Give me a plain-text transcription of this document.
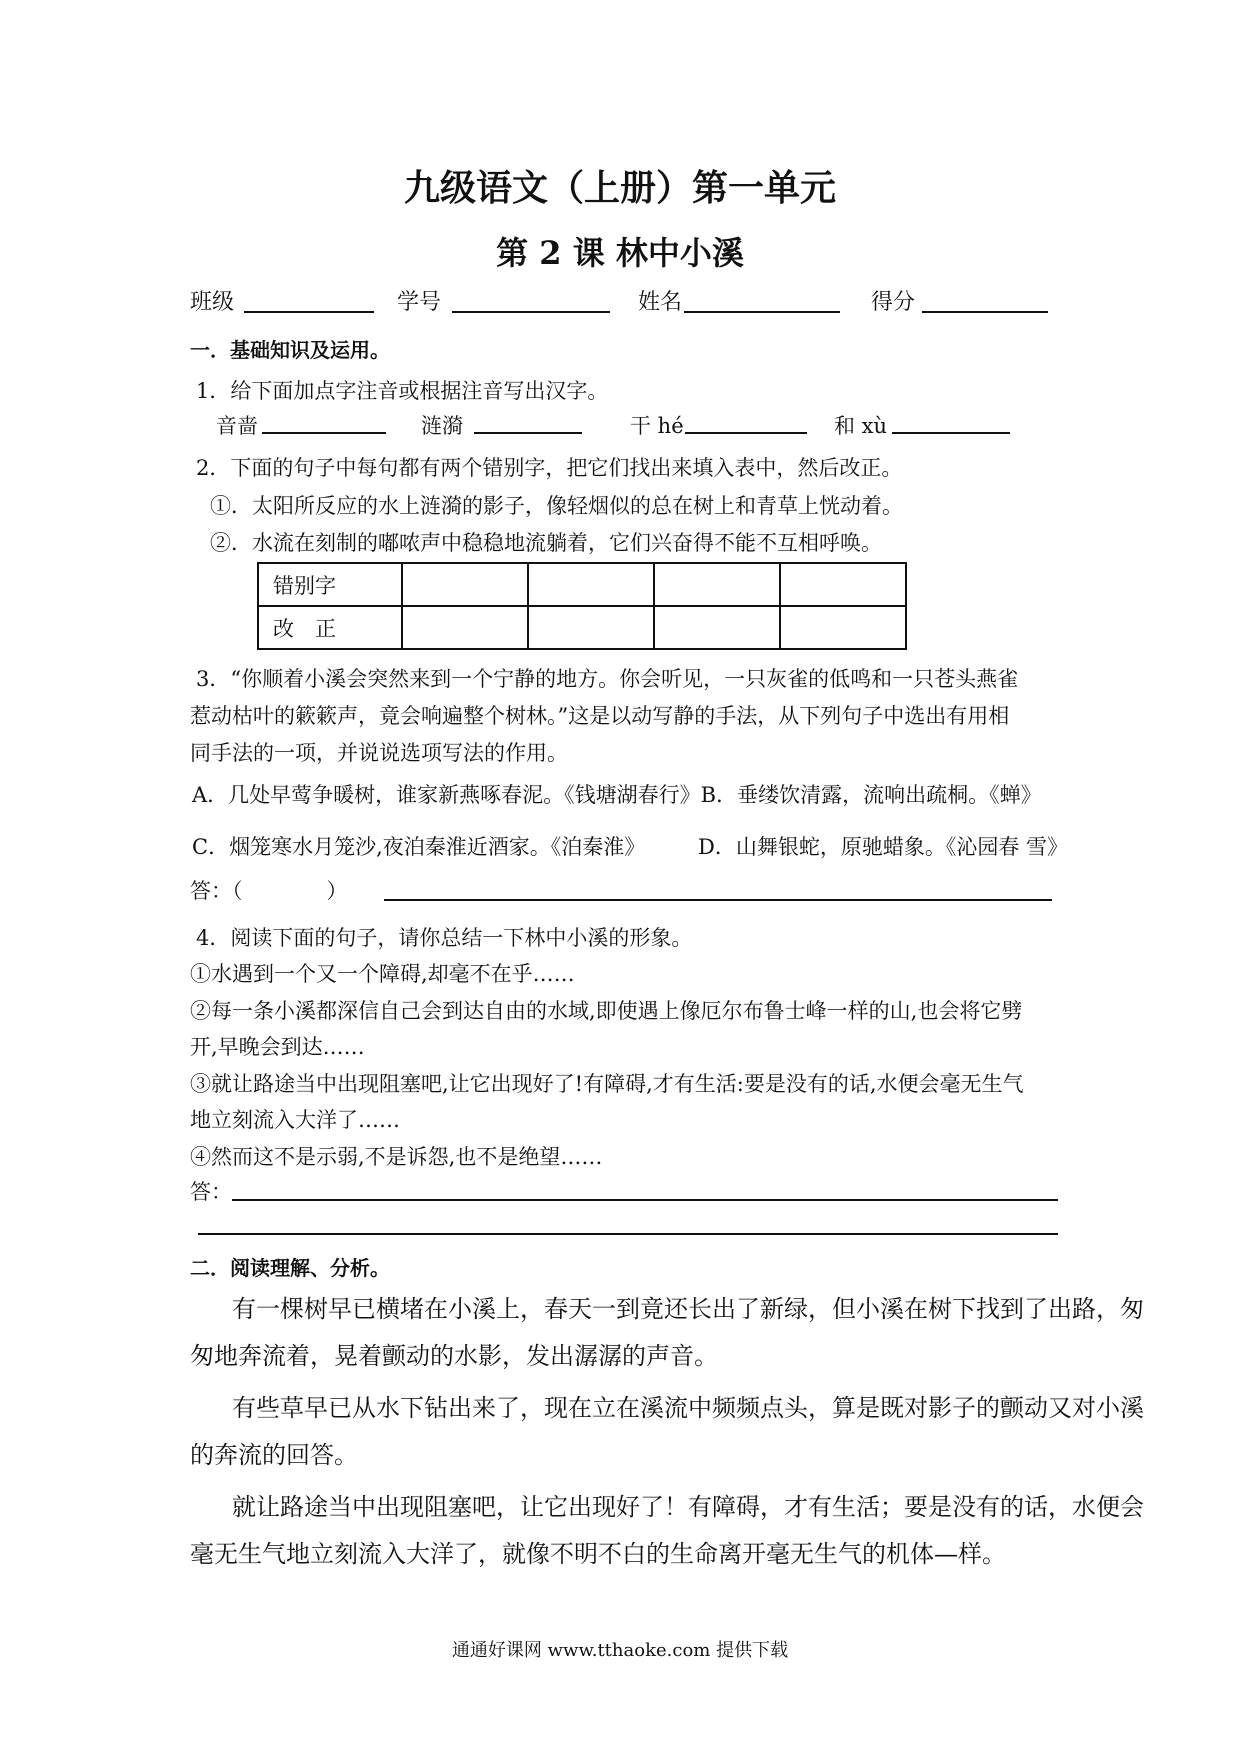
九级语文（上册）第一单元
第 2 课 林中小溪
班级	学号	姓名	得分
一．基础知识及运用。
1．给下面加点字注音或根据注音写出汉字。
音啬	涟漪	干 hé	和 xù
2．下面的句子中每句都有两个错别字，把它们找出来填入表中，然后改正。
①．太阳所反应的水上涟漪的影子，像轻烟似的总在树上和青草上恍动着。
②．水流在刻制的嘟哝声中稳稳地流躺着，它们兴奋得不能不互相呼唤。
错别字				
改　正				
3．“你顺着小溪会突然来到一个宁静的地方。你会听见，一只灰雀的低鸣和一只苍头燕雀
惹动枯叶的簌簌声，竟会响遍整个树林。”这是以动写静的手法，从下列句子中选出有用相
同手法的一项，并说说选项写法的作用。
A．几处早莺争暖树，谁家新燕啄春泥。《钱塘湖春行》B．垂缕饮清露，流响出疏桐。《蝉》
C．烟笼寒水月笼沙,夜泊秦淮近酒家。《泊秦淮》	D．山舞银蛇，原驰蜡象。《沁园春 雪》
答：（　　　　）
4．阅读下面的句子，请你总结一下林中小溪的形象。
①水遇到一个又一个障碍,却毫不在乎……
②每一条小溪都深信自己会到达自由的水域,即使遇上像厄尔布鲁士峰一样的山,也会将它劈
开,早晚会到达……
③就让路途当中出现阻塞吧,让它出现好了!有障碍,才有生活:要是没有的话,水便会毫无生气
地立刻流入大洋了……
④然而这不是示弱,不是诉怨,也不是绝望……
答：
二．阅读理解、分析。
有一棵树早已横堵在小溪上，春天一到竟还长出了新绿，但小溪在树下找到了出路，匆
匆地奔流着，晃着颤动的水影，发出潺潺的声音。
有些草早已从水下钻出来了，现在立在溪流中频频点头，算是既对影子的颤动又对小溪
的奔流的回答。
就让路途当中出现阻塞吧，让它出现好了！有障碍，才有生活；要是没有的话，水便会
毫无生气地立刻流入大洋了，就像不明不白的生命离开毫无生气的机体—样。
通通好课网 www.tthaoke.com 提供下载
